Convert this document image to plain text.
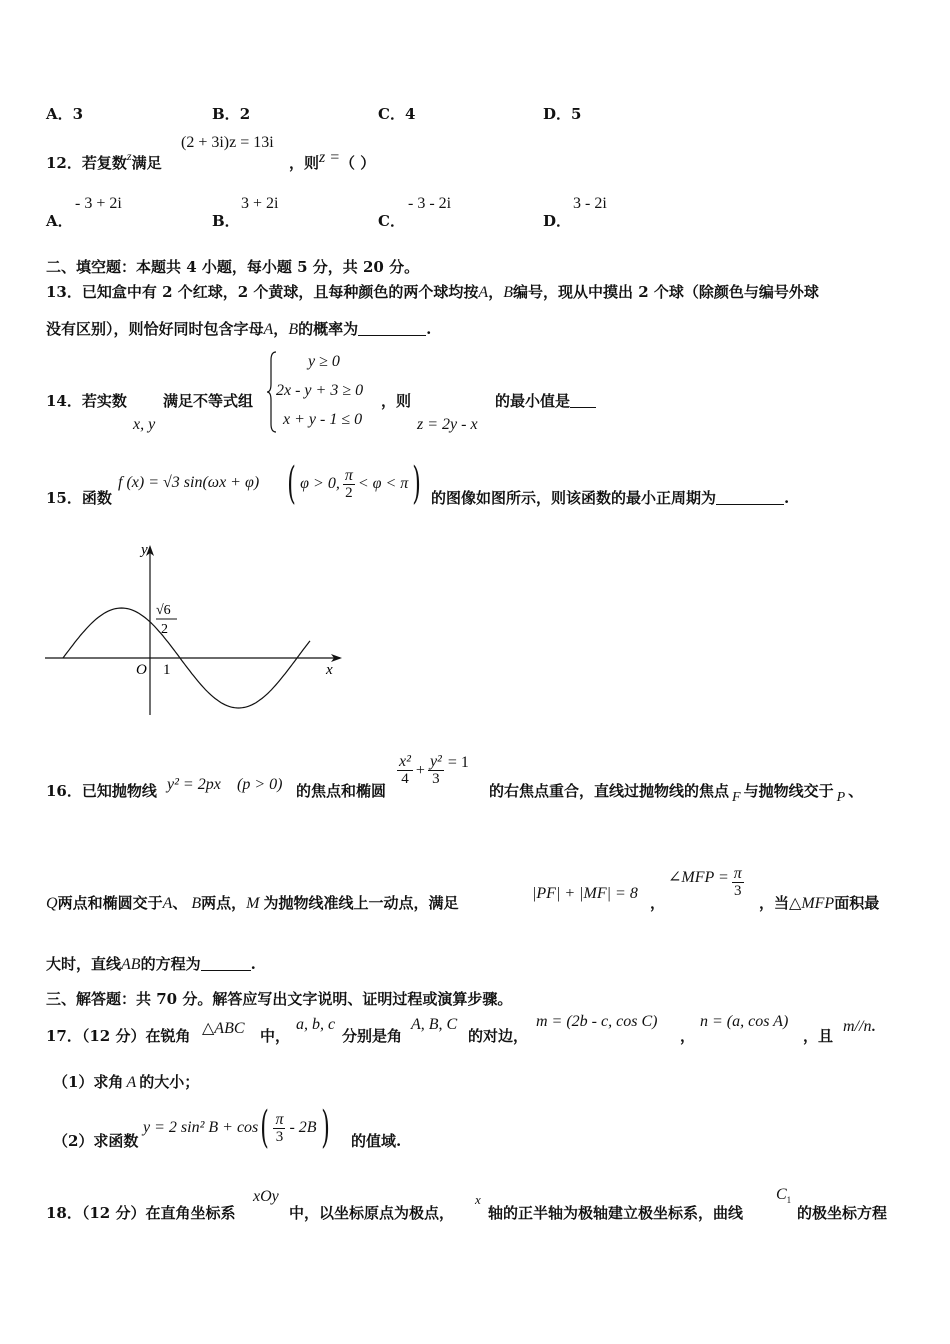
A．3	B．2	C．4	D．5
12．若复数$^z$满足
(2 + 3i)z = 13i
，则z =（ ）
A．
- 3 + 2i
B．
3 + 2i
C．
- 3 - 2i
D．
3 - 2i
二、填空题：本题共 4 小题，每小题 5 分，共 20 分。
13．已知盒中有 2 个红球，2 个黄球，且每种颜色的两个球均按A，B编号，现从中摸出 2 个球（除颜色与编号外球
没有区别），则恰好同时包含字母A，B的概率为	.
14．若实数
x, y
满足不等式组
y ≥ 0
2x - y + 3 ≥ 0
x + y - 1 ≤ 0
，则
z = 2y - x
的最小值是
15．函数
f (x) = √3 sin(ωx + φ) ( φ > 0, $\frac{\pi}{2} < \varphi < \pi$ ) 的图像如图所示，则该函数的最小正周期为	.
y
x
O 1
√6
2
16．已知抛物线 y² = 2px (p > 0) 的焦点和椭圆
$\frac{\text{x²}}{4} + \frac{\text{y²}}{3} = 1$
的右焦点重合，直线过抛物线的焦点 F 与抛物线交于 P 、
Q两点和椭圆交于A、 B两点，M 为抛物线准线上一动点，满足
|PF| + |MF| = 8
，
∠MFP = $\frac{\pi}{3}$
，当△MFP面积最
大时，直线AB的方程为	.
三、解答题：共 70 分。解答应写出文字说明、证明过程或演算步骤。
17．（12 分）在锐角 △ABC 中，
a, b, c
分别是角
A, B, C
的对边，
m = (2b - c, cos C)
，
n = (a, cos A)
，且
m//n.
（1）求角 A 的大小；
（2）求函数
y = 2 sin² B + cos ( $\frac{\pi}{3} - 2B$ ) 的值域.
18．（12 分）在直角坐标系
xOy
中，以坐标原点为极点，
x
轴的正半轴为极轴建立极坐标系，曲线
$C_1$
的极坐标方程
